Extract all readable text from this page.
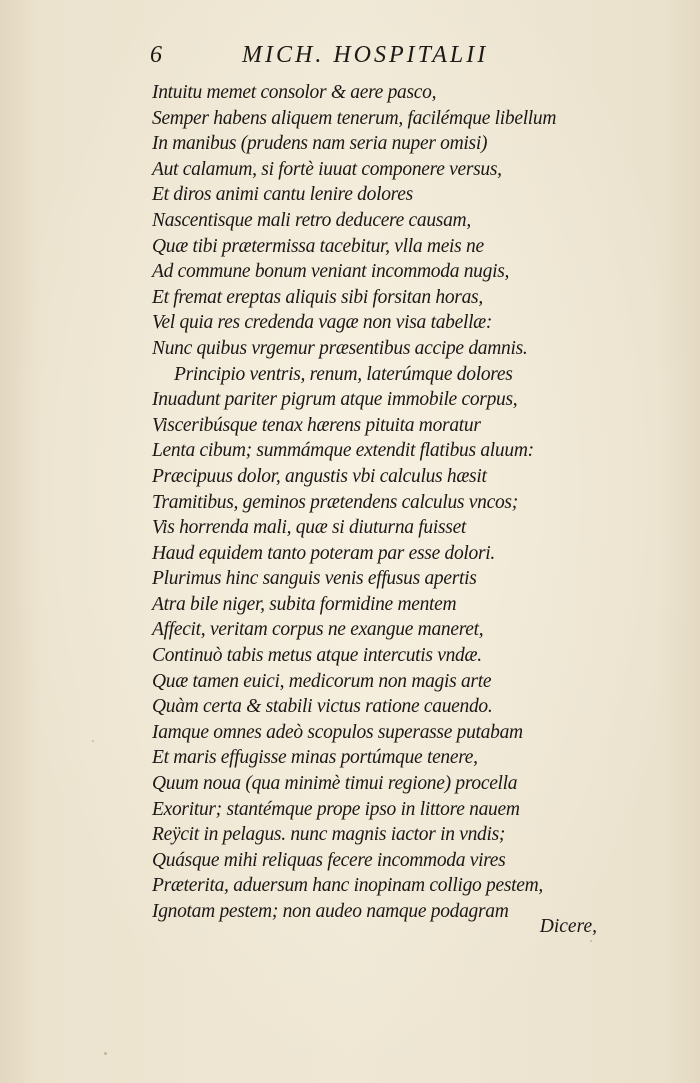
6	MICH. HOSPITALII
Intuitu memet consolor & aere pasco,
Semper habens aliquem tenerum, facilémque libellum
In manibus (prudens nam seria nuper omisi)
Aut calamum, si fortè iuuat componere versus,
Et diros animi cantu lenire dolores
Nascentisque mali retro deducere causam,
Quæ tibi prætermissa tacebitur, vlla meis ne
Ad commune bonum veniant incommoda nugis,
Et fremat ereptas aliquis sibi forsitan horas,
Vel quia res credenda vagæ non visa tabellæ:
Nunc quibus vrgemur præsentibus accipe damnis.
Principio ventris, renum, laterúmque dolores
Inuadunt pariter pigrum atque immobile corpus,
Visceribúsque tenax hærens pituita moratur
Lenta cibum; summámque extendit flatibus aluum:
Præcipuus dolor, angustis vbi calculus hæsit
Tramitibus, geminos prætendens calculus vncos;
Vis horrenda mali, quæ si diuturna fuisset
Haud equidem tanto poteram par esse dolori.
Plurimus hinc sanguis venis effusus apertis
Atra bile niger, subita formidine mentem
Affecit, veritam corpus ne exangue maneret,
Continuò tabis metus atque intercutis vndæ.
Quæ tamen euici, medicorum non magis arte
Quàm certa & stabili victus ratione cauendo.
Iamque omnes adeò scopulos superasse putabam
Et maris effugisse minas portúmque tenere,
Quum noua (qua minimè timui regione) procella
Exoritur; stantémque prope ipso in littore nauem
Reÿcit in pelagus. nunc magnis iactor in vndis;
Quásque mihi reliquas fecere incommoda vires
Præterita, aduersum hanc inopinam colligo pestem,
Ignotam pestem; non audeo namque podagram
Dicere,
